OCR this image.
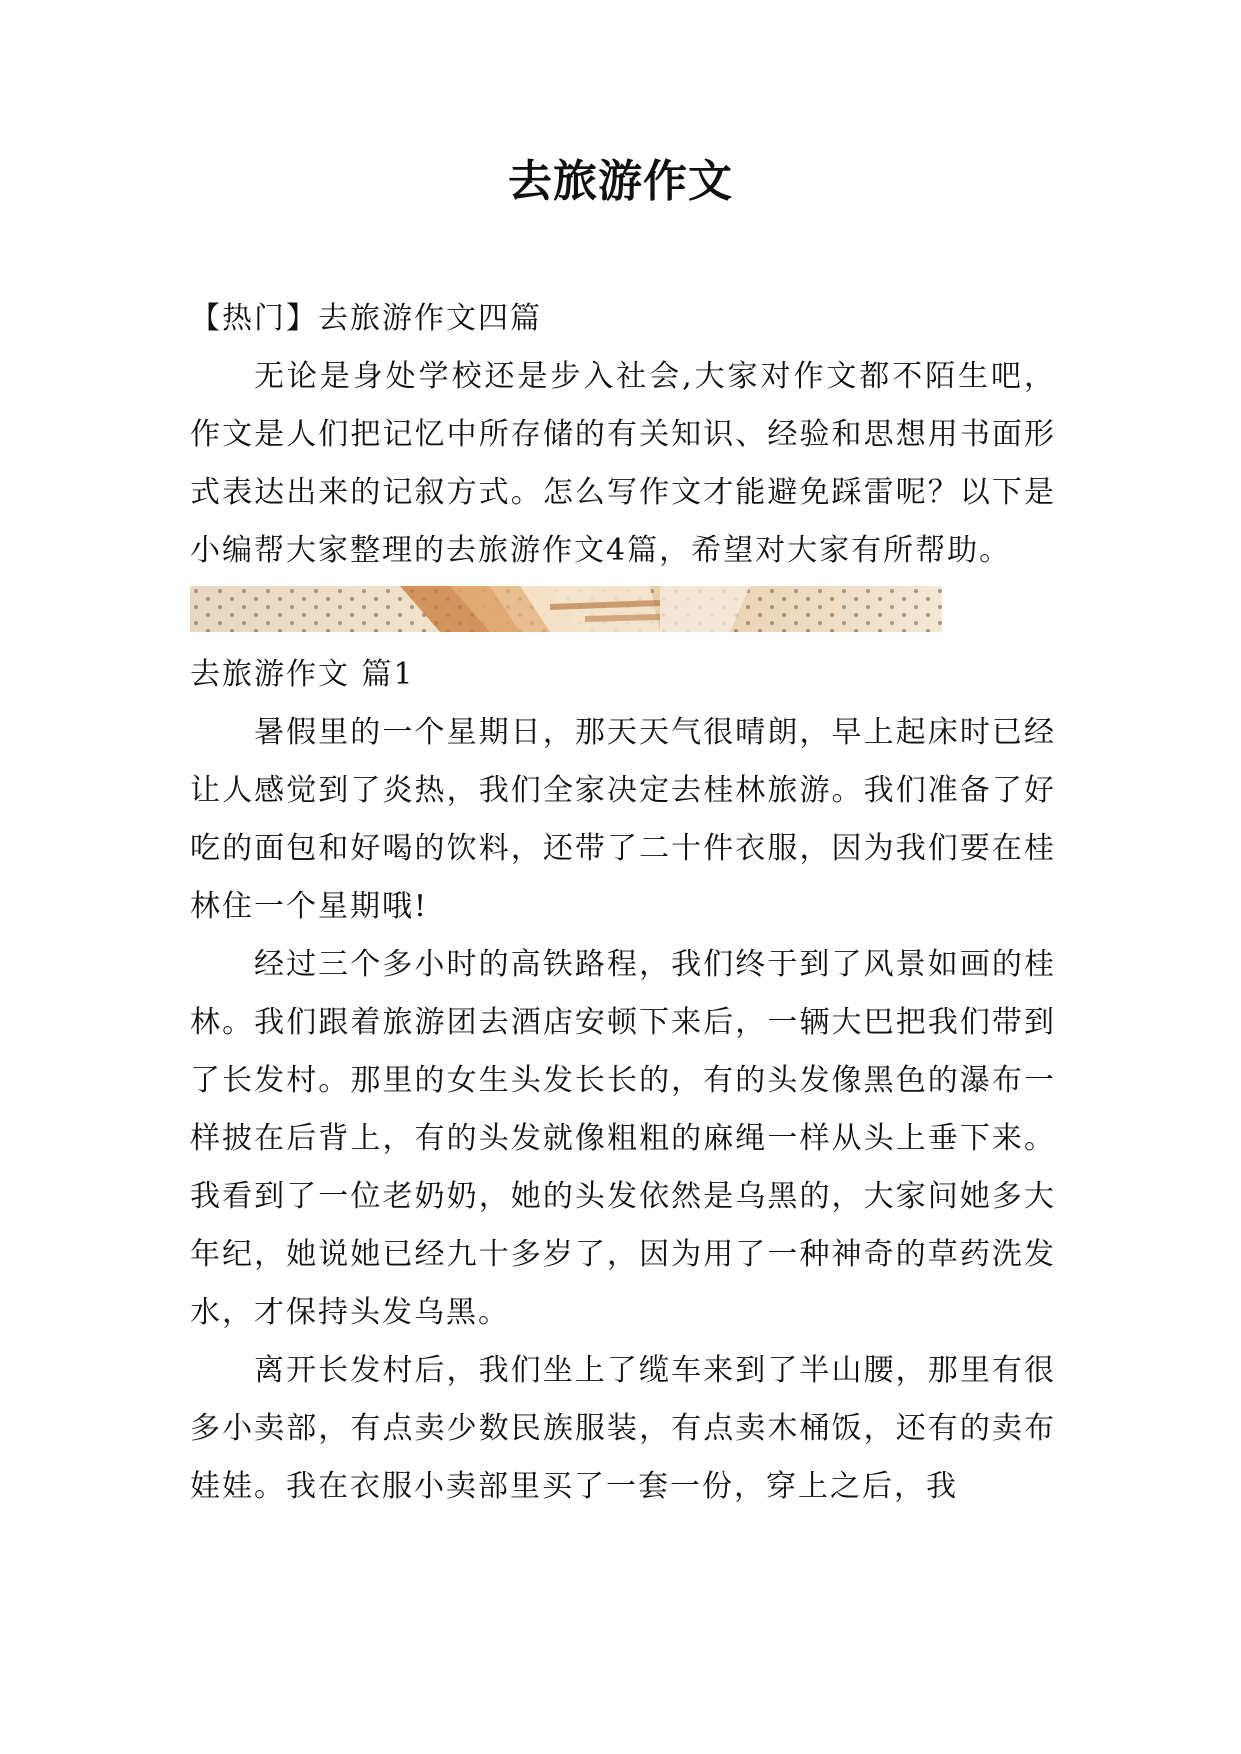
去旅游作文

【热门】去旅游作文四篇

无论是身处学校还是步入社会,大家对作文都不陌生吧，作文是人们把记忆中所存储的有关知识、经验和思想用书面形式表达出来的记叙方式。怎么写作文才能避免踩雷呢？以下是小编帮大家整理的去旅游作文4篇，希望对大家有所帮助。

去旅游作文 篇1

暑假里的一个星期日，那天天气很晴朗，早上起床时已经让人感觉到了炎热，我们全家决定去桂林旅游。我们准备了好吃的面包和好喝的饮料，还带了二十件衣服，因为我们要在桂林住一个星期哦!

经过三个多小时的高铁路程，我们终于到了风景如画的桂林。我们跟着旅游团去酒店安顿下来后，一辆大巴把我们带到了长发村。那里的女生头发长长的，有的头发像黑色的瀑布一样披在后背上，有的头发就像粗粗的麻绳一样从头上垂下来。我看到了一位老奶奶，她的头发依然是乌黑的，大家问她多大年纪，她说她已经九十多岁了，因为用了一种神奇的草药洗发水，才保持头发乌黑。

离开长发村后，我们坐上了缆车来到了半山腰，那里有很多小卖部，有点卖少数民族服装，有点卖木桶饭，还有的卖布娃娃。我在衣服小卖部里买了一套一份，穿上之后，我
